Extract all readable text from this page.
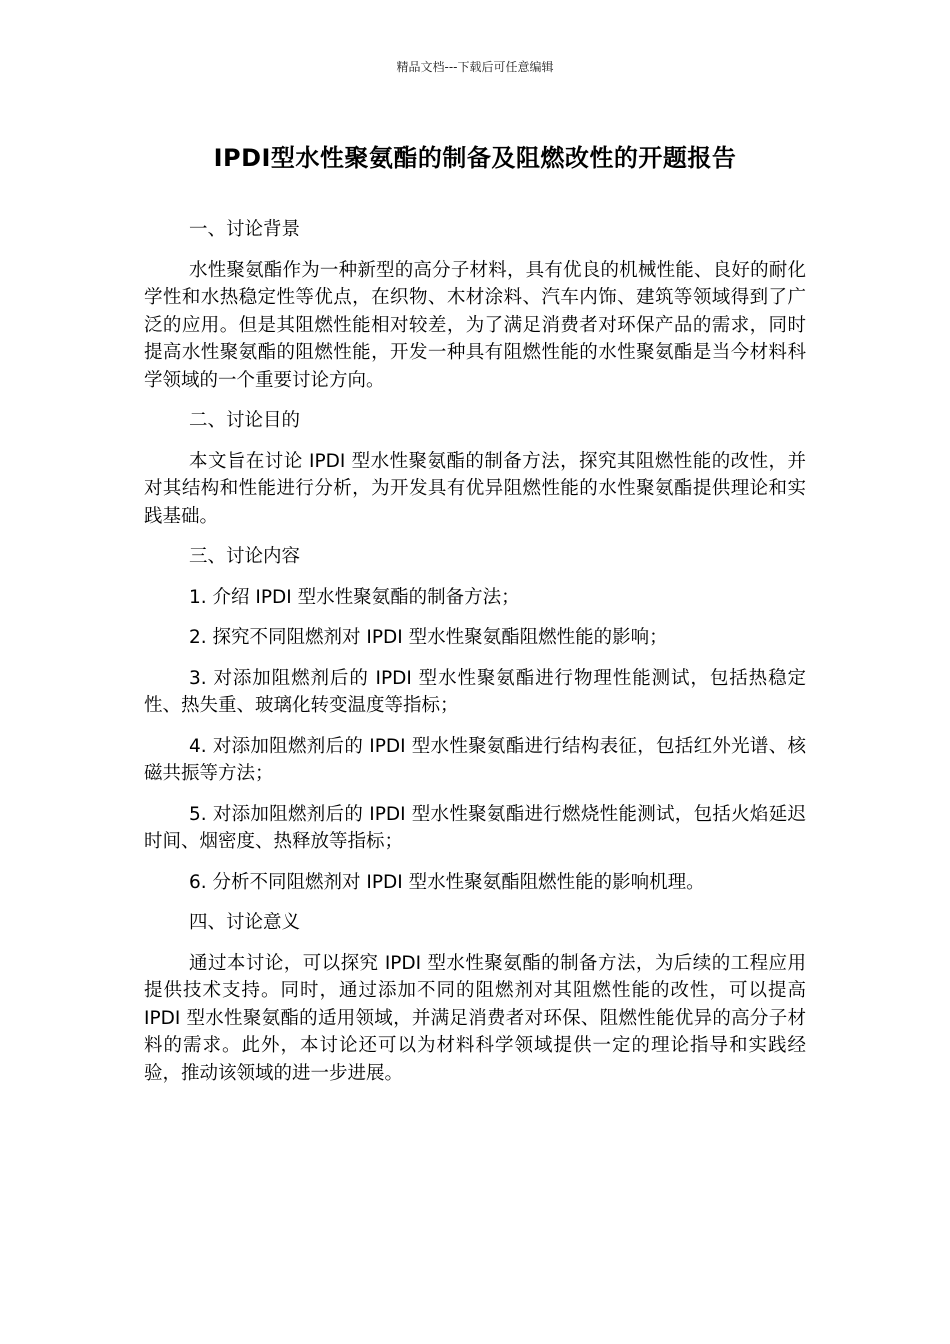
精品文档---下载后可任意编辑
IPDI型水性聚氨酯的制备及阻燃改性的开题报告

一、讨论背景

水性聚氨酯作为一种新型的高分子材料，具有优良的机械性能、良好的耐化学性和水热稳定性等优点，在织物、木材涂料、汽车内饰、建筑等领域得到了广泛的应用。但是其阻燃性能相对较差，为了满足消费者对环保产品的需求，同时提高水性聚氨酯的阻燃性能，开发一种具有阻燃性能的水性聚氨酯是当今材料科学领域的一个重要讨论方向。

二、讨论目的

本文旨在讨论 IPDI 型水性聚氨酯的制备方法，探究其阻燃性能的改性，并对其结构和性能进行分析，为开发具有优异阻燃性能的水性聚氨酯提供理论和实践基础。

三、讨论内容

1. 介绍 IPDI 型水性聚氨酯的制备方法；

2. 探究不同阻燃剂对 IPDI 型水性聚氨酯阻燃性能的影响；

3. 对添加阻燃剂后的 IPDI 型水性聚氨酯进行物理性能测试，包括热稳定性、热失重、玻璃化转变温度等指标；

4. 对添加阻燃剂后的 IPDI 型水性聚氨酯进行结构表征，包括红外光谱、核磁共振等方法；

5. 对添加阻燃剂后的 IPDI 型水性聚氨酯进行燃烧性能测试，包括火焰延迟时间、烟密度、热释放等指标；

6. 分析不同阻燃剂对 IPDI 型水性聚氨酯阻燃性能的影响机理。

四、讨论意义

通过本讨论，可以探究 IPDI 型水性聚氨酯的制备方法，为后续的工程应用提供技术支持。同时，通过添加不同的阻燃剂对其阻燃性能的改性，可以提高 IPDI 型水性聚氨酯的适用领域，并满足消费者对环保、阻燃性能优异的高分子材料的需求。此外，本讨论还可以为材料科学领域提供一定的理论指导和实践经验，推动该领域的进一步进展。
